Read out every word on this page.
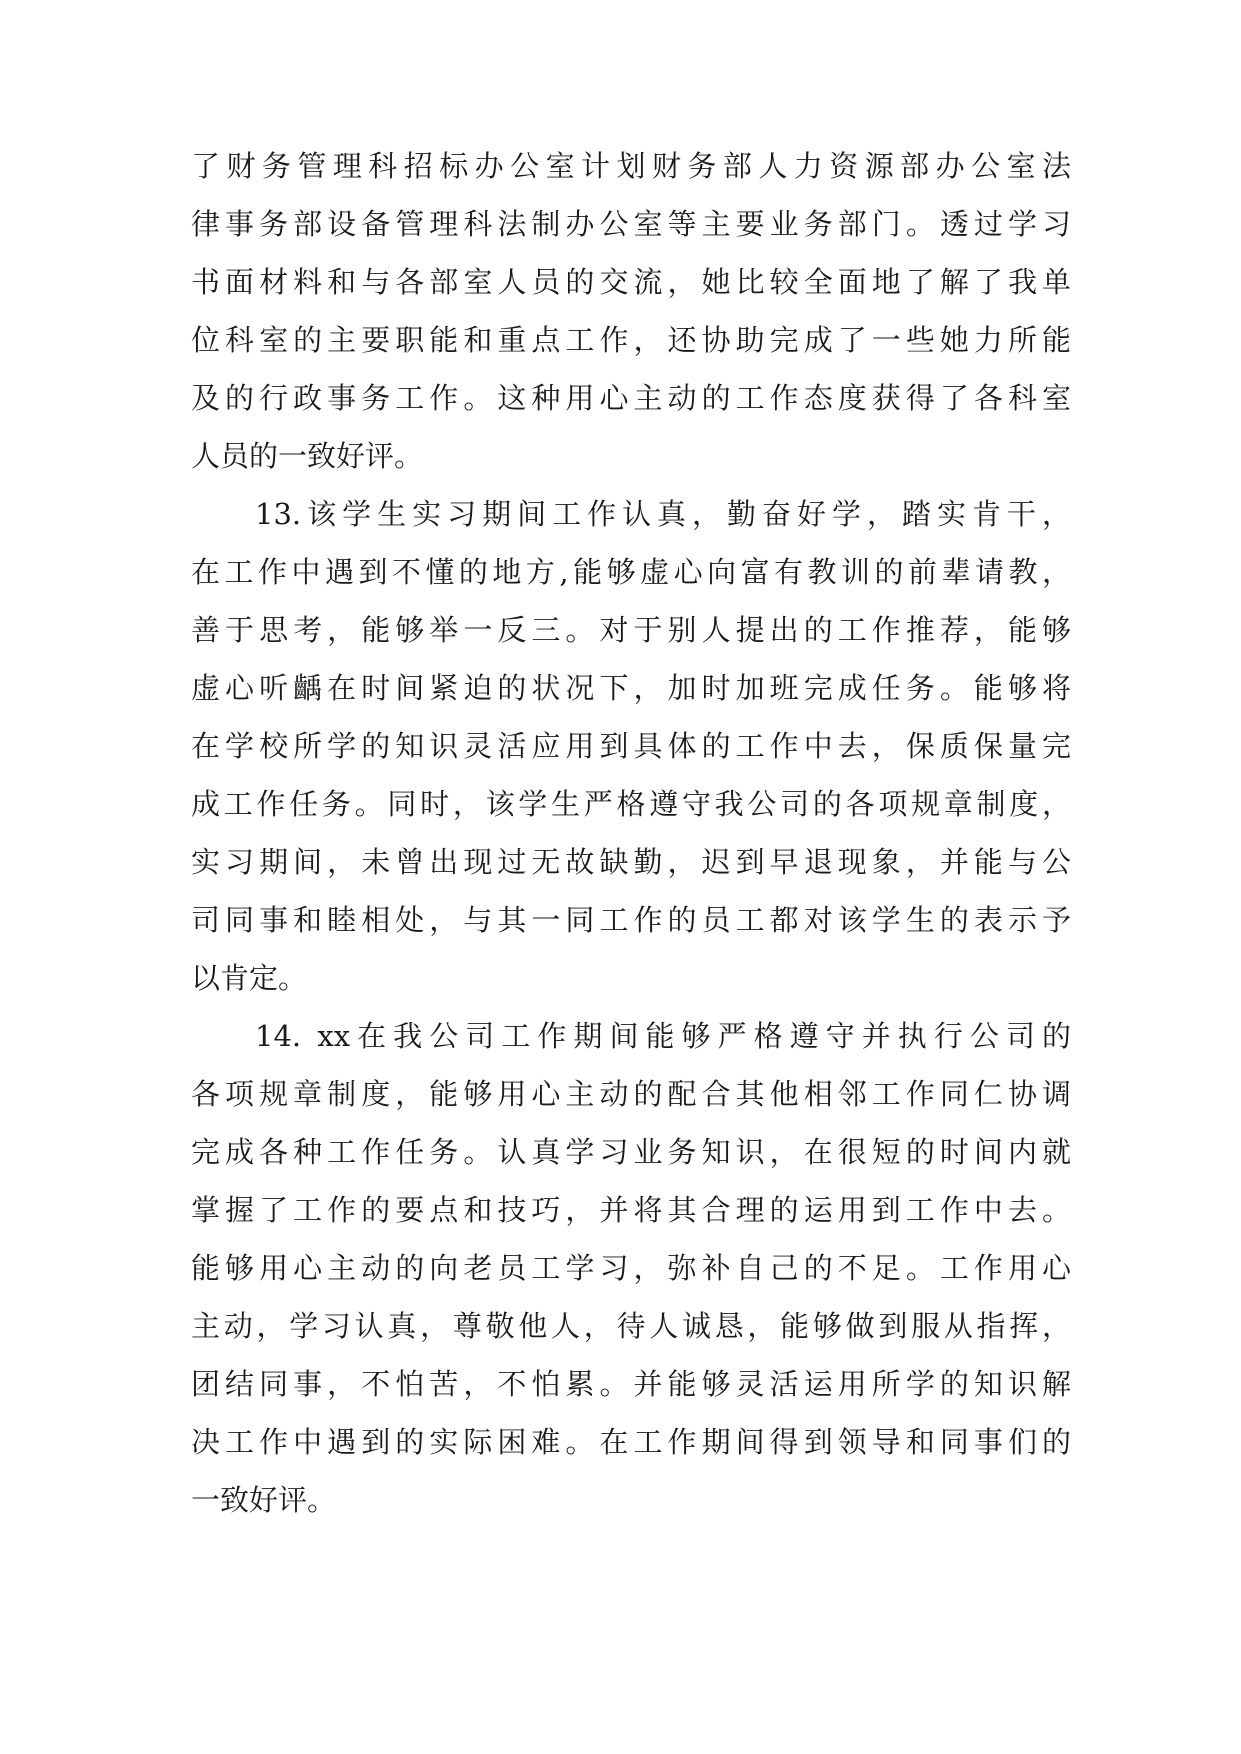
了财务管理科招标办公室计划财务部人力资源部办公室法
律事务部设备管理科法制办公室等主要业务部门。透过学习
书面材料和与各部室人员的交流，她比较全面地了解了我单
位科室的主要职能和重点工作，还协助完成了一些她力所能
及的行政事务工作。这种用心主动的工作态度获得了各科室
人员的一致好评。
13.该学生实习期间工作认真，勤奋好学，踏实肯干，
在工作中遇到不懂的地方,能够虚心向富有教训的前辈请教，
善于思考，能够举一反三。对于别人提出的工作推荐，能够
虚心听齲在时间紧迫的状况下，加时加班完成任务。能够将
在学校所学的知识灵活应用到具体的工作中去，保质保量完
成工作任务。同时，该学生严格遵守我公司的各项规章制度，
实习期间，未曾出现过无故缺勤，迟到早退现象，并能与公
司同事和睦相处，与其一同工作的员工都对该学生的表示予
以肯定。
14. xx在我公司工作期间能够严格遵守并执行公司的
各项规章制度，能够用心主动的配合其他相邻工作同仁协调
完成各种工作任务。认真学习业务知识，在很短的时间内就
掌握了工作的要点和技巧，并将其合理的运用到工作中去。
能够用心主动的向老员工学习，弥补自己的不足。工作用心
主动，学习认真，尊敬他人，待人诚恳，能够做到服从指挥，
团结同事，不怕苦，不怕累。并能够灵活运用所学的知识解
决工作中遇到的实际困难。在工作期间得到领导和同事们的
一致好评。
